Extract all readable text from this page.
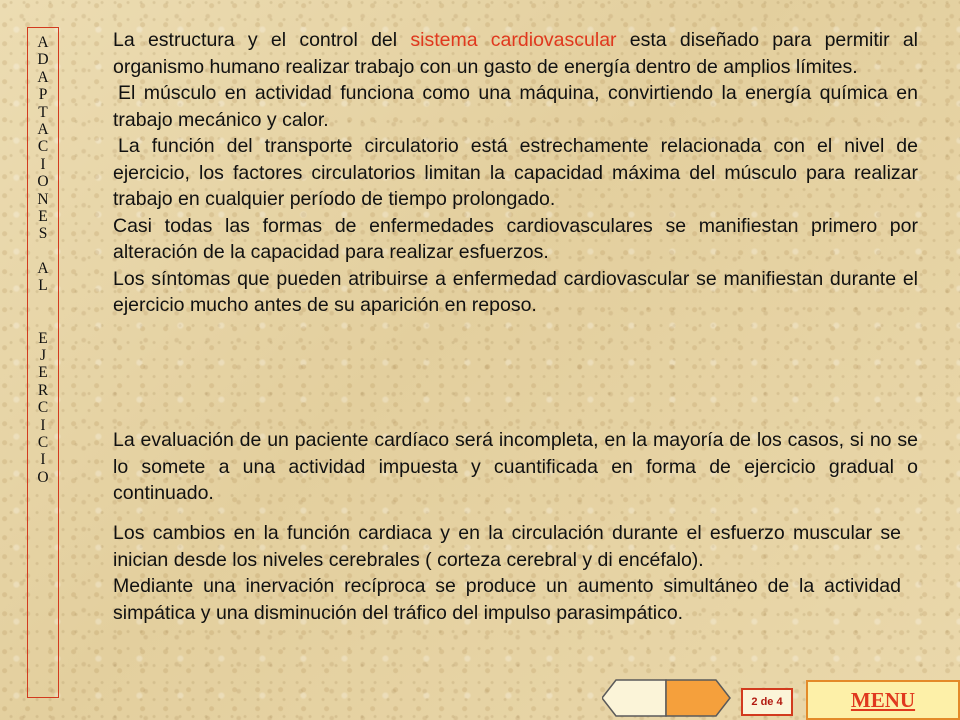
A
D
A
P
T
A
C
I
O
N
E
S
A
L
E
J
E
R
C
I
C
I
O

La estructura y el control del sistema cardiovascular esta diseñado para permitir al organismo humano realizar trabajo con un gasto de energía dentro de amplios límites.

El músculo en actividad funciona como una máquina, convirtiendo la energía química en trabajo mecánico y calor.

La función del transporte circulatorio está estrechamente relacionada con el nivel de ejercicio, los factores circulatorios limitan la capacidad máxima del músculo para realizar trabajo en cualquier período de tiempo prolongado.

Casi todas las formas de enfermedades cardiovasculares se manifiestan primero por alteración de la capacidad para realizar esfuerzos.

Los síntomas que pueden atribuirse a enfermedad cardiovascular se manifiestan durante el ejercicio mucho antes de su aparición en reposo.

La evaluación de un paciente cardíaco será incompleta, en la mayoría de los casos, si no se lo somete a una actividad impuesta y cuantificada en forma de ejercicio gradual o continuado.

Los cambios en la función cardiaca y en la circulación durante el esfuerzo muscular se inician desde los niveles cerebrales ( corteza cerebral y di encéfalo).

Mediante una inervación recíproca se produce un aumento simultáneo de la actividad simpática y una disminución del tráfico del impulso parasimpático.

2 de 4	MENU
